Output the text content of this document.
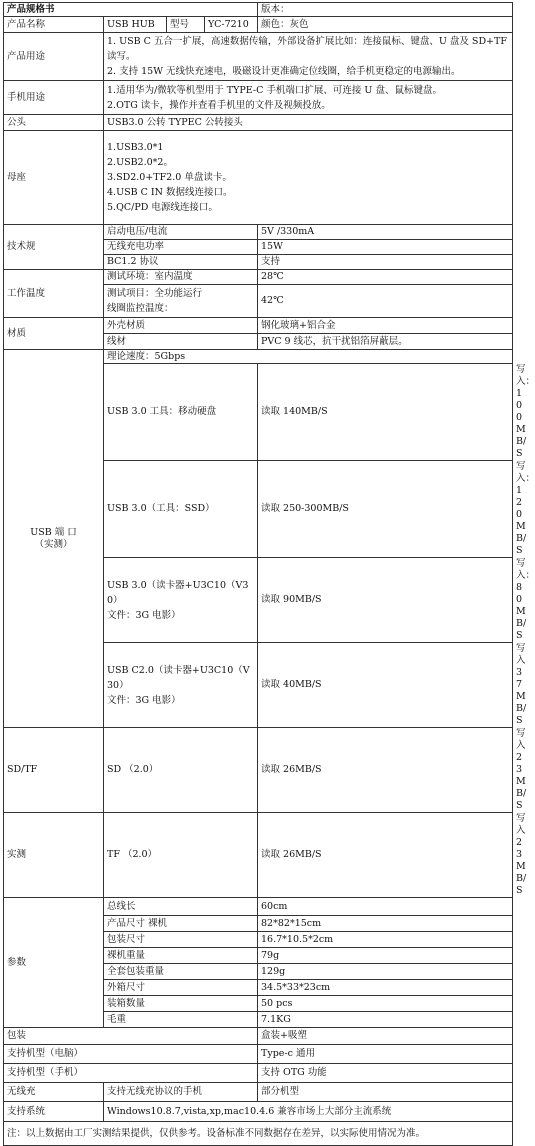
产品规格书				版本：	
产品名称	USB HUB	型号	YC-7210	颜色：灰色	
产品用途	1. USB C 五合一扩展，高速数据传输，外部设备扩展比如：连接鼠标、键盘、U 盘及 SD+TF 读写。
2. 支持 15W 无线快充速电，吸磁设计更准确定位线圈，给手机更稳定的电源输出。				

手机用途	1.适用华为/微软等机型用于 TYPE-C 手机端口扩展、可连接 U 盘、鼠标键盘。
2.OTG 读卡，操作并查看手机里的文件及视频投放。				

公头	USB3.0 公转 TYPEC 公转接头				
母座	1.USB3.0*1
2.USB2.0*2。
3.SD2.0+TF2.0 单盘读卡。
4.USB C IN 数据线连接口。
5.QC/PD 电源线连接口。				

技术规	启动电压/电流			5V /330mA	
	无线充电功率			15W	
	BC1.2 协议			支持	
工作温度	测试环境：室内温度			28℃	

	测试项目：全功能运行
线圈监控温度：			42℃	
材质	外壳材质			钢化玻璃+铝合金	
	线材			PVC 9 线芯，抗干扰铝箔屏蔽层。	

USB 端 口
（实测）	理论速度：5Gbps				
	USB 3.0 工具：移动硬盘			读取 140MB/S	写入：100MB/S
	USB 3.0（工具：SSD）			读取 250-300MB/S	写入：120MB/S

	USB 3.0（读卡器+U3C10（V30）
文件：3G 电影）			读取 90MB/S	写入：80MB/S

	USB C2.0（读卡器+U3C10（V30）
文件：3G 电影）			读取 40MB/S	写入 37MB/S
SD/TF	SD （2.0）			读取 26MB/S	写入 23MB/S
实测	TF （2.0）			读取 26MB/S	写入 23MB/S
参数	总线长			60cm	
	产品尺寸 裸机			82*82*15cm	
	包装尺寸			16.7*10.5*2cm	
	裸机重量			79g	
	全套包装重量			129g	
	外箱尺寸			34.5*33*23cm	
	装箱数量			50 pcs	
	毛重			7.1KG	
包装				盒装+吸塑	
支持机型（电脑）				Type-c 通用	
支持机型（手机）				支持 OTG 功能	
无线充	支持无线充协议的手机			部分机型	
支持系统	Windows10.8.7,vista,xp,mac10.4.6 兼容市场上大部分主流系统				
注：以上数据由工厂实测结果提供，仅供参考。设备标准不同数据存在差异，以实际使用情况为准。					
